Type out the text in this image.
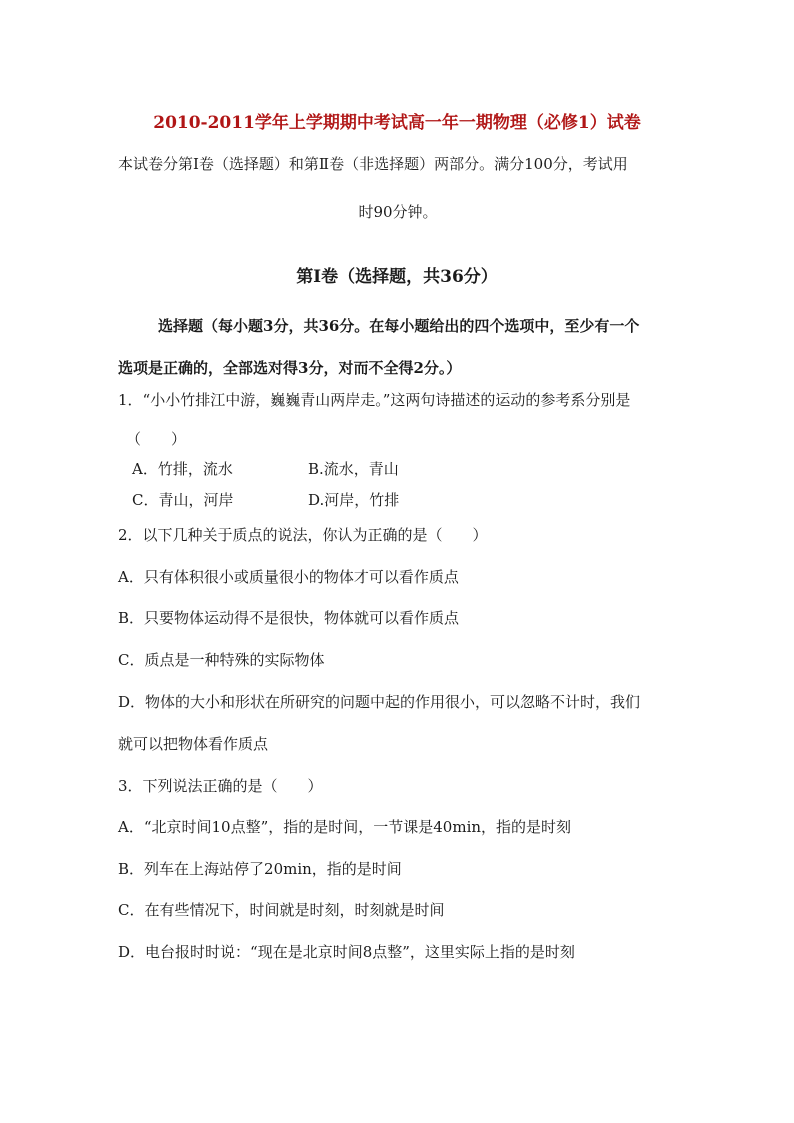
2010-2011学年上学期期中考试高一年一期物理（必修1）试卷
本试卷分第Ⅰ卷（选择题）和第Ⅱ卷（非选择题）两部分。满分100分，考试用
时90分钟。
第Ⅰ卷（选择题，共36分）
选择题（每小题3分，共36分。在每小题给出的四个选项中，至少有一个
选项是正确的，全部选对得3分，对而不全得2分。）
1．“小小竹排江中游，巍巍青山两岸走。”这两句诗描述的运动的参考系分别是
（　　）
A．竹排，流水	B.流水，青山
C．青山，河岸	D.河岸，竹排
2．以下几种关于质点的说法，你认为正确的是（　　）
A．只有体积很小或质量很小的物体才可以看作质点
B．只要物体运动得不是很快，物体就可以看作质点
C．质点是一种特殊的实际物体
D．物体的大小和形状在所研究的问题中起的作用很小，可以忽略不计时，我们
就可以把物体看作质点
3．下列说法正确的是（　　）
A．“北京时间10点整”，指的是时间，一节课是40min，指的是时刻
B．列车在上海站停了20min，指的是时间
C．在有些情况下，时间就是时刻，时刻就是时间
D．电台报时时说：“现在是北京时间8点整”，这里实际上指的是时刻
